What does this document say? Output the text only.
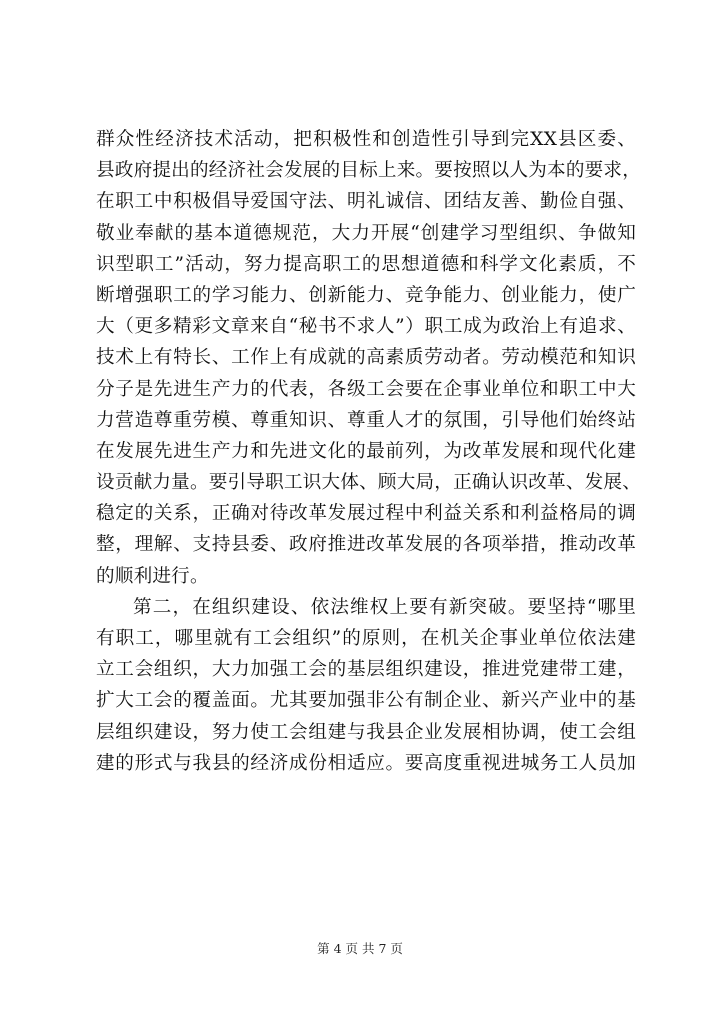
群众性经济技术活动，把积极性和创造性引导到完XX县区委、
县政府提出的经济社会发展的目标上来。要按照以人为本的要求，
在职工中积极倡导爱国守法、明礼诚信、团结友善、勤俭自强、
敬业奉献的基本道德规范，大力开展“创建学习型组织、争做知
识型职工”活动，努力提高职工的思想道德和科学文化素质，不
断增强职工的学习能力、创新能力、竞争能力、创业能力，使广
大（更多精彩文章来自“秘书不求人”）职工成为政治上有追求、
技术上有特长、工作上有成就的高素质劳动者。劳动模范和知识
分子是先进生产力的代表，各级工会要在企事业单位和职工中大
力营造尊重劳模、尊重知识、尊重人才的氛围，引导他们始终站
在发展先进生产力和先进文化的最前列，为改革发展和现代化建
设贡献力量。要引导职工识大体、顾大局，正确认识改革、发展、
稳定的关系，正确对待改革发展过程中利益关系和利益格局的调
整，理解、支持县委、政府推进改革发展的各项举措，推动改革
的顺利进行。
第二，在组织建设、依法维权上要有新突破。要坚持“哪里
有职工，哪里就有工会组织”的原则，在机关企事业单位依法建
立工会组织，大力加强工会的基层组织建设，推进党建带工建，
扩大工会的覆盖面。尤其要加强非公有制企业、新兴产业中的基
层组织建设，努力使工会组建与我县企业发展相协调，使工会组
建的形式与我县的经济成份相适应。要高度重视进城务工人员加
第 4 页 共 7 页
